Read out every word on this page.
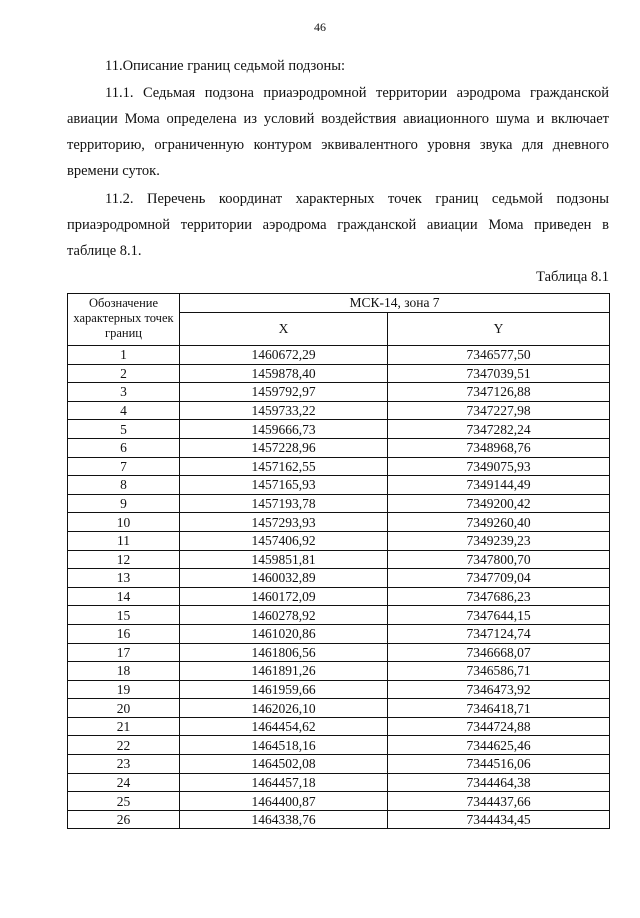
46
11.Описание границ седьмой подзоны:

11.1. Седьмая подзона приаэродромной территории аэродрома гражданской авиации Мома определена из условий воздействия авиационного шума и включает территорию, ограниченную контуром эквивалентного уровня звука для дневного времени суток.

11.2. Перечень координат характерных точек границ седьмой подзоны приаэродромной территории аэродрома гражданской авиации Мома приведен в таблице 8.1.

Таблица 8.1
Обозначение характерных точек границ	МСК-14, зона 7	
	X	Y
1	1460672,29	7346577,50
2	1459878,40	7347039,51
3	1459792,97	7347126,88
4	1459733,22	7347227,98
5	1459666,73	7347282,24
6	1457228,96	7348968,76
7	1457162,55	7349075,93
8	1457165,93	7349144,49
9	1457193,78	7349200,42
10	1457293,93	7349260,40
11	1457406,92	7349239,23
12	1459851,81	7347800,70
13	1460032,89	7347709,04
14	1460172,09	7347686,23
15	1460278,92	7347644,15
16	1461020,86	7347124,74
17	1461806,56	7346668,07
18	1461891,26	7346586,71
19	1461959,66	7346473,92
20	1462026,10	7346418,71
21	1464454,62	7344724,88
22	1464518,16	7344625,46
23	1464502,08	7344516,06
24	1464457,18	7344464,38
25	1464400,87	7344437,66
26	1464338,76	7344434,45
